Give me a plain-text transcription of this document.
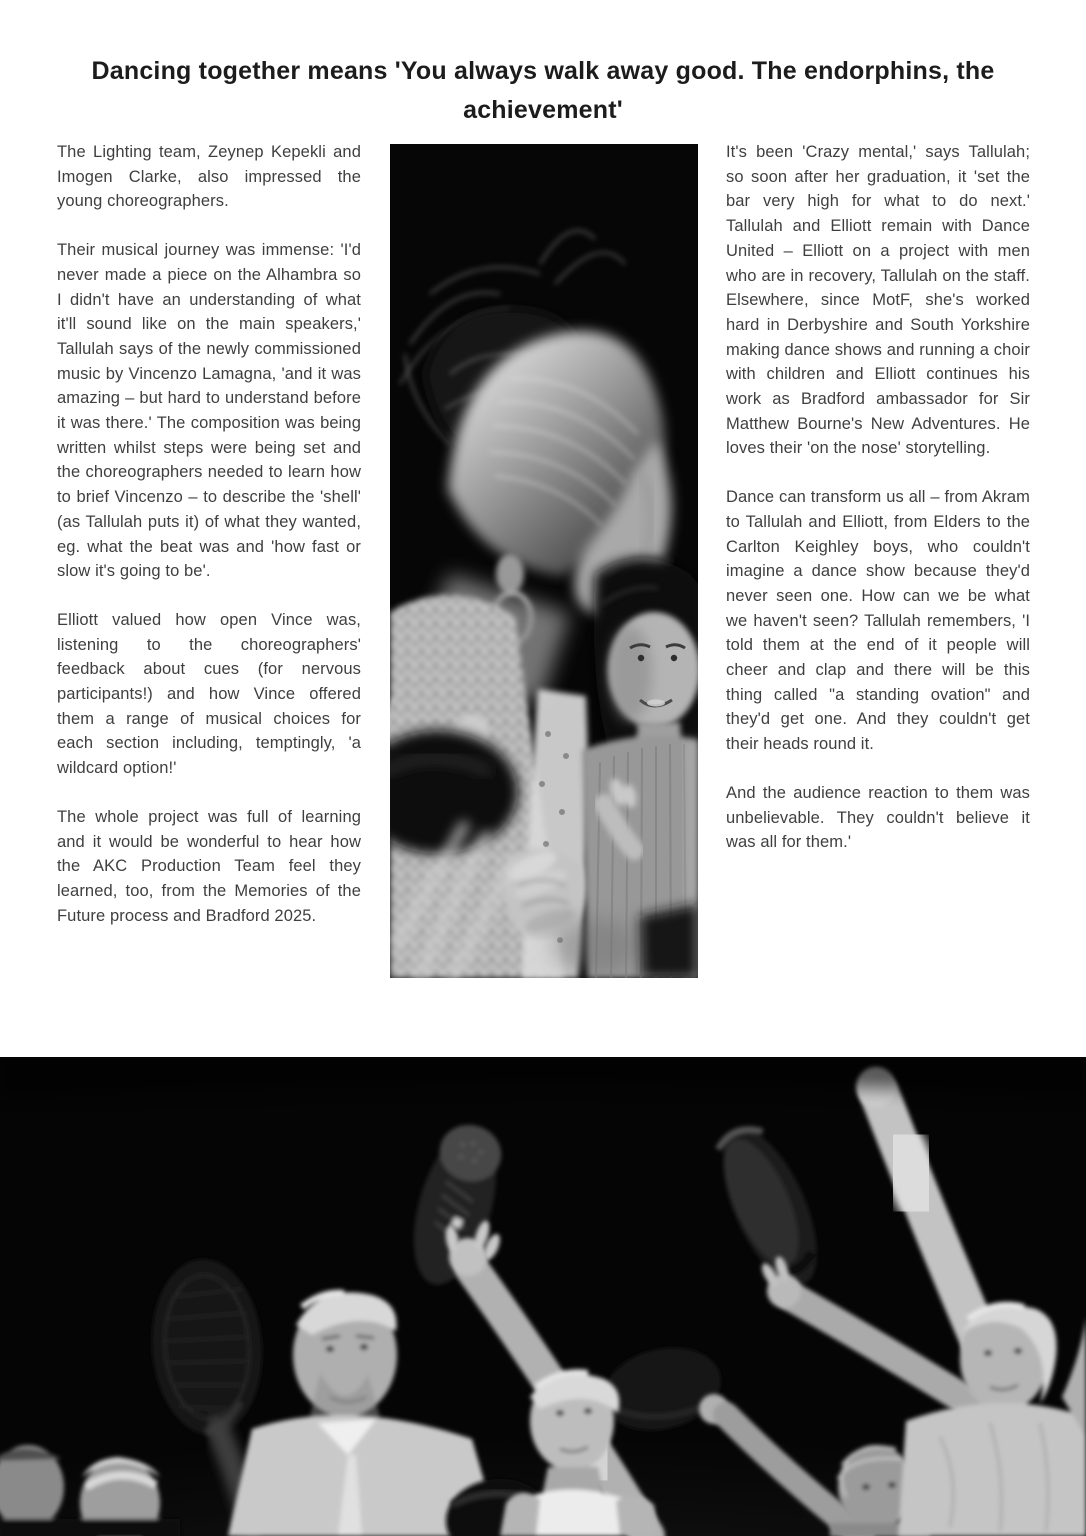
Dancing together means 'You always walk away good. The endorphins, the
achievement'

The Lighting team, Zeynep Kepekli and Imogen Clarke, also impressed the young choreographers.

Their musical journey was immense: 'I'd never made a piece on the Alhambra so I didn't have an understanding of what it'll sound like on the main speakers,' Tallulah says of the newly commissioned music by Vincenzo Lamagna, 'and it was amazing – but hard to understand before it was there.' The composition was being written whilst steps were being set and the choreographers needed to learn how to brief Vincenzo – to describe the 'shell' (as Tallulah puts it) of what they wanted, eg. what the beat was and 'how fast or slow it's going to be'.

Elliott valued how open Vince was, listening to the choreographers' feedback about cues (for nervous participants!) and how Vince offered them a range of musical choices for each section including, temptingly, 'a wildcard option!'

The whole project was full of learning and it would be wonderful to hear how the AKC Production Team feel they learned, too, from the Memories of the Future process and Bradford 2025.

It's been 'Crazy mental,' says Tallulah; so soon after her graduation, it 'set the bar very high for what to do next.' Tallulah and Elliott remain with Dance United – Elliott on a project with men who are in recovery, Tallulah on the staff. Elsewhere, since MotF, she's worked hard in Derbyshire and South Yorkshire making dance shows and running a choir with children and Elliott continues his work as Bradford ambassador for Sir Matthew Bourne's New Adventures. He loves their 'on the nose' storytelling.

Dance can transform us all – from Akram to Tallulah and Elliott, from Elders to the Carlton Keighley boys, who couldn't imagine a dance show because they'd never seen one. How can we be what we haven't seen? Tallulah remembers, 'I told them at the end of it people will cheer and clap and there will be this thing called "a standing ovation" and they'd get one. And they couldn't get their heads round it.

And the audience reaction to them was unbelievable. They couldn't believe it was all for them.'
